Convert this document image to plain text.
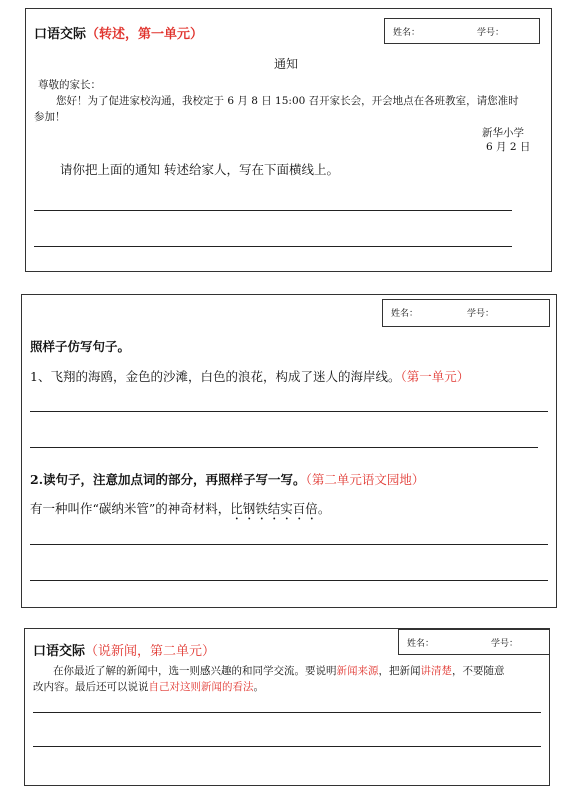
口语交际（转述，第一单元）	姓名：	学号：
通知
尊敬的家长：
您好！为了促进家校沟通，我校定于 6 月 8 日 15:00 召开家长会，开会地点在各班教室，请您准时
参加！
新华小学
6 月 2 日
请你把上面的通知 转述给家人，写在下面横线上。
姓名：	学号：
照样子仿写句子。
1、飞翔的海鸥，金色的沙滩，白色的浪花，构成了迷人的海岸线。（第一单元）
2.读句子，注意加点词的部分，再照样子写一写。（第二单元语文园地）
有一种叫作“碳纳米管”的神奇材料，比钢铁结实百倍。
口语交际（说新闻，第二单元）	姓名：	学号：
在你最近了解的新闻中，选一则感兴趣的和同学交流。要说明新闻来源，把新闻讲清楚，不要随意
改内容。最后还可以说说自己对这则新闻的看法。
